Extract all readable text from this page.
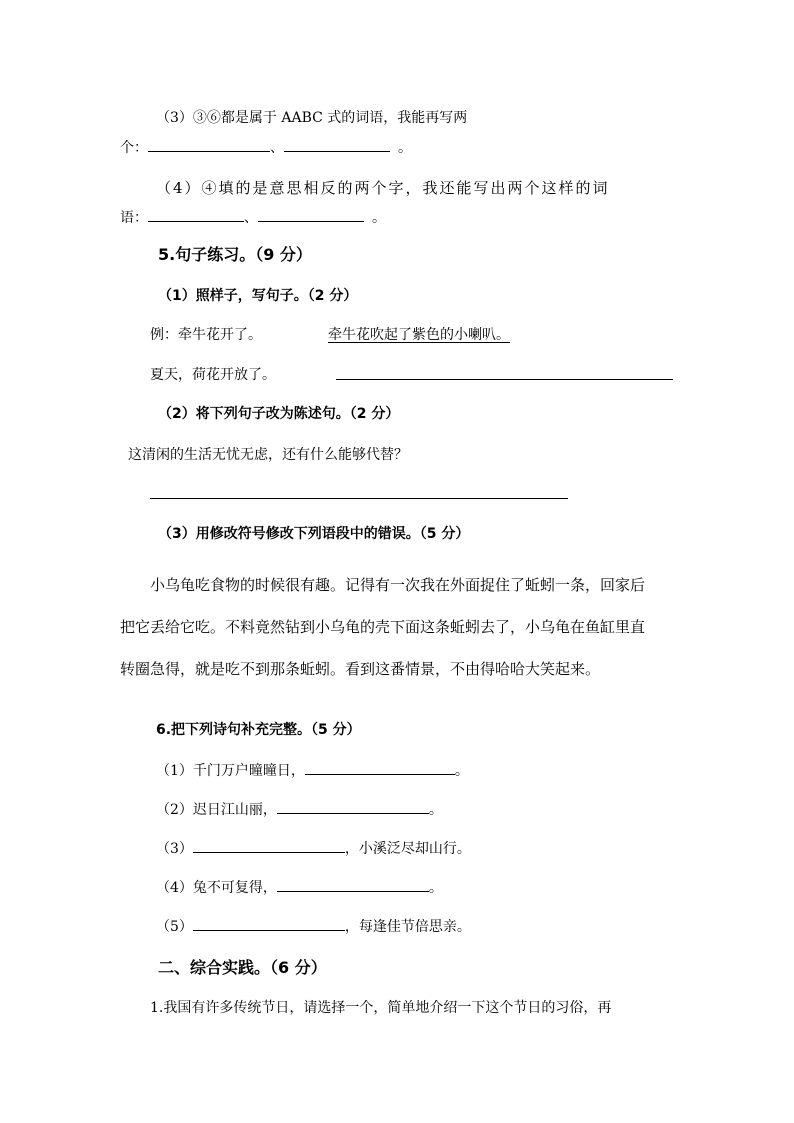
（3）③⑥都是属于 AABC 式的词语，我能再写两
个：	、	。
（4）④填的是意思相反的两个字，我还能写出两个这样的词
语：	、	。
5.句子练习。（9 分）
（1）照样子，写句子。（2 分）
例：牵牛花开了。	牵牛花吹起了紫色的小喇叭。
夏天，荷花开放了。
（2）将下列句子改为陈述句。（2 分）
这清闲的生活无忧无虑，还有什么能够代替？
（3）用修改符号修改下列语段中的错误。（5 分）
小乌龟吃食物的时候很有趣。记得有一次我在外面捉住了蚯蚓一条，回家后
把它丢给它吃。不料竟然钻到小乌龟的壳下面这条蚯蚓去了，小乌龟在鱼缸里直
转圈急得，就是吃不到那条蚯蚓。看到这番情景，不由得哈哈大笑起来。
6.把下列诗句补充完整。（5 分）
（1）千门万户曈曈日，	。
（2）迟日江山丽，	。
（3）	，小溪泛尽却山行。
（4）兔不可复得，	。
（5）	，每逢佳节倍思亲。
二、综合实践。（6 分）
1.我国有许多传统节日，请选择一个，简单地介绍一下这个节日的习俗，再
